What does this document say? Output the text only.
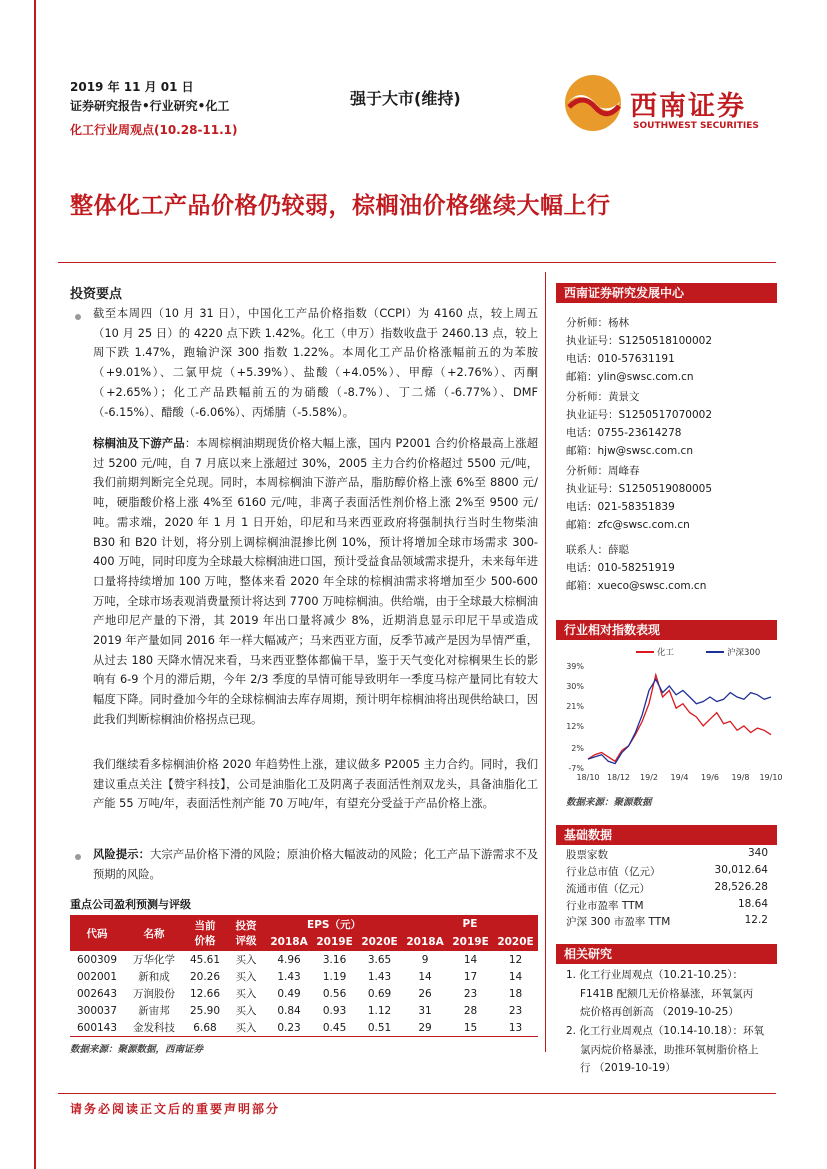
2019 年 11 月 01 日
证券研究报告•行业研究•化工
化工行业周观点(10.28-11.1)
强于大市(维持)	西南证券
SOUTHWEST SECURITIES
整体化工产品价格仍较弱，棕榈油价格继续大幅上行
投资要点
截至本周四（10 月 31 日），中国化工产品价格指数（CCPI）为 4160 点，较上周五（10 月 25 日）的 4220 点下跌 1.42%。化工（申万）指数收盘于 2460.13 点，较上周下跌 1.47%，跑输沪深 300 指数 1.22%。本周化工产品价格涨幅前五的为苯胺（+9.01%）、二氯甲烷（+5.39%）、盐酸（+4.05%）、甲醇（+2.76%）、丙酮（+2.65%）；化工产品跌幅前五的为硝酸（-8.7%）、丁二烯（-6.77%）、DMF（-6.15%）、醋酸（-6.06%）、丙烯腈（-5.58%）。
棕榈油及下游产品：本周棕榈油期现货价格大幅上涨，国内 P2001 合约价格最高上涨超过 5200 元/吨，自 7 月底以来上涨超过 30%，2005 主力合约价格超过 5500 元/吨，我们前期判断完全兑现。同时，本周棕榈油下游产品，脂肪醇价格上涨 6%至 8800 元/吨，硬脂酸价格上涨 4%至 6160 元/吨，非离子表面活性剂价格上涨 2%至 9500 元/吨。需求端，2020 年 1 月 1 日开始，印尼和马来西亚政府将强制执行当时生物柴油 B30 和 B20 计划，将分别上调棕榈油混掺比例 10%，预计将增加全球市场需求 300-400 万吨，同时印度为全球最大棕榈油进口国，预计受益食品领域需求提升，未来每年进口量将持续增加 100 万吨，整体来看 2020 年全球的棕榈油需求将增加至少 500-600 万吨，全球市场表观消费量预计将达到 7700 万吨棕榈油。供给端，由于全球最大棕榈油产地印尼产量的下滑，其 2019 年出口量将减少 8%，近期消息显示印尼干旱或造成 2019 年产量如同 2016 年一样大幅减产；马来西亚方面，反季节减产是因为旱情严重，从过去 180 天降水情况来看，马来西亚整体都偏干旱，鉴于天气变化对棕榈果生长的影响有 6-9 个月的滞后期，今年 2/3 季度的旱情可能导致明年一季度马棕产量同比有较大幅度下降。同时叠加今年的全球棕榈油去库存周期，预计明年棕榈油将出现供给缺口，因此我们判断棕榈油价格拐点已现。
我们继续看多棕榈油价格 2020 年趋势性上涨，建议做多 P2005 主力合约。同时，我们建议重点关注【赞宇科技】，公司是油脂化工及阴离子表面活性剂双龙头，具备油脂化工产能 55 万吨/年，表面活性剂产能 70 万吨/年，有望充分受益于产品价格上涨。
风险提示：大宗产品价格下滑的风险；原油价格大幅波动的风险；化工产品下游需求不及预期的风险。
重点公司盈利预测与评级
代码	名称	当前
价格	投资
评级	EPS（元）			PE		
				2018A	2019E	2020E	2018A	2019E	2020E
600309	万华化学	45.61	买入	4.96	3.16	3.65	9	14	12
002001	新和成	20.26	买入	1.43	1.19	1.43	14	17	14
002643	万润股份	12.66	买入	0.49	0.56	0.69	26	23	18
300037	新宙邦	25.90	买入	0.84	0.93	1.12	31	28	23
600143	金发科技	6.68	买入	0.23	0.45	0.51	29	15	13
数据来源：聚源数据，西南证券
西南证券研究发展中心
分析师：杨林
执业证号：S1250518100002
电话：010-57631191
邮箱：ylin@swsc.com.cn
分析师：黄景文
执业证号：S1250517070002
电话：0755-23614278
邮箱：hjw@swsc.com.cn
分析师：周峰春
执业证号：S1250519080005
电话：021-58351839
邮箱：zfc@swsc.com.cn
联系人：薛聪
电话：010-58251919
邮箱：xueco@swsc.com.cn
行业相对指数表现
39%
30%
21%
12%
2%
-7%
18/10 18/12 19/2 19/4 19/6 19/8 19/10
化工	沪深300
数据来源：聚源数据
基础数据
股票家数	340
行业总市值（亿元）	30,012.64
流通市值（亿元）	28,526.28
行业市盈率 TTM	18.64
沪深 300 市盈率 TTM	12.2
相关研究
1. 化工行业周观点（10.21-10.25）：
F141B 配额几无价格暴涨，环氧氯丙
烷价格再创新高 （2019-10-25）
2. 化工行业周观点（10.14-10.18）：环氧
氯丙烷价格暴涨，助推环氧树脂价格上
行 （2019-10-19）
请务必阅读正文后的重要声明部分
